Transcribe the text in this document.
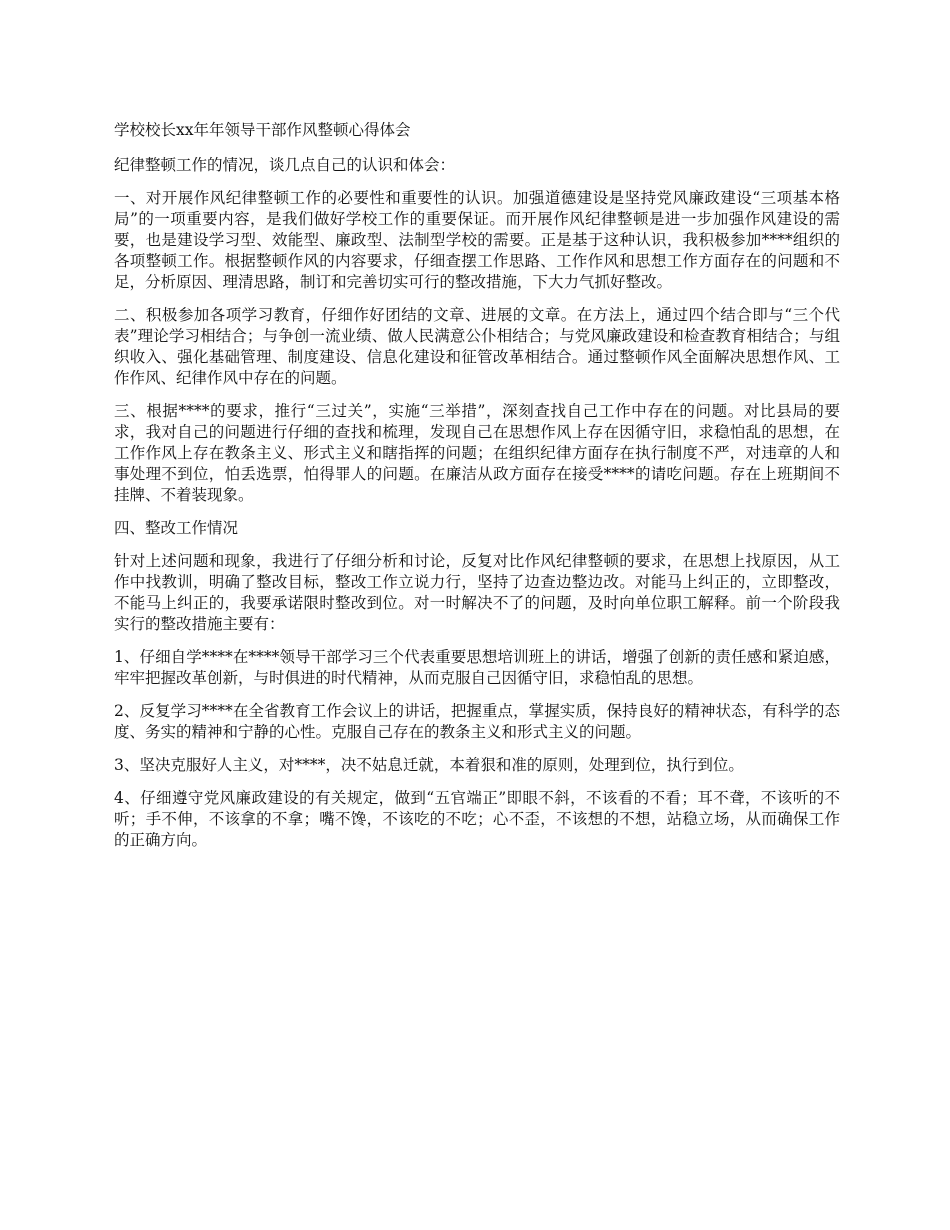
学校校长xx年年领导干部作风整顿心得体会

纪律整顿工作的情况，谈几点自己的认识和体会：

一、对开展作风纪律整顿工作的必要性和重要性的认识。加强道德建设是坚持党风廉政建设“三项基本格局”的一项重要内容，是我们做好学校工作的重要保证。而开展作风纪律整顿是进一步加强作风建设的需要，也是建设学习型、效能型、廉政型、法制型学校的需要。正是基于这种认识，我积极参加****组织的各项整顿工作。根据整顿作风的内容要求，仔细查摆工作思路、工作作风和思想工作方面存在的问题和不足，分析原因、理清思路，制订和完善切实可行的整改措施，下大力气抓好整改。

二、积极参加各项学习教育，仔细作好团结的文章、进展的文章。在方法上，通过四个结合即与“三个代表”理论学习相结合；与争创一流业绩、做人民满意公仆相结合；与党风廉政建设和检查教育相结合；与组织收入、强化基础管理、制度建设、信息化建设和征管改革相结合。通过整顿作风全面解决思想作风、工作作风、纪律作风中存在的问题。

三、根据****的要求，推行“三过关”，实施“三举措”，深刻查找自己工作中存在的问题。对比县局的要求，我对自己的问题进行仔细的查找和梳理，发现自己在思想作风上存在因循守旧，求稳怕乱的思想，在工作作风上存在教条主义、形式主义和瞎指挥的问题；在组织纪律方面存在执行制度不严，对违章的人和事处理不到位，怕丢选票，怕得罪人的问题。在廉洁从政方面存在接受****的请吃问题。存在上班期间不挂牌、不着装现象。

四、整改工作情况

针对上述问题和现象，我进行了仔细分析和讨论，反复对比作风纪律整顿的要求，在思想上找原因，从工作中找教训，明确了整改目标，整改工作立说力行，坚持了边查边整边改。对能马上纠正的，立即整改，不能马上纠正的，我要承诺限时整改到位。对一时解决不了的问题，及时向单位职工解释。前一个阶段我实行的整改措施主要有：

1、仔细自学****在****领导干部学习三个代表重要思想培训班上的讲话，增强了创新的责任感和紧迫感，牢牢把握改革创新，与时俱进的时代精神，从而克服自己因循守旧，求稳怕乱的思想。

2、反复学习****在全省教育工作会议上的讲话，把握重点，掌握实质，保持良好的精神状态，有科学的态度、务实的精神和宁静的心性。克服自己存在的教条主义和形式主义的问题。

3、坚决克服好人主义，对****，决不姑息迁就，本着狠和准的原则，处理到位，执行到位。

4、仔细遵守党风廉政建设的有关规定，做到“五官端正”即眼不斜，不该看的不看；耳不聋，不该听的不听；手不伸，不该拿的不拿；嘴不馋，不该吃的不吃；心不歪，不该想的不想，站稳立场，从而确保工作的正确方向。
